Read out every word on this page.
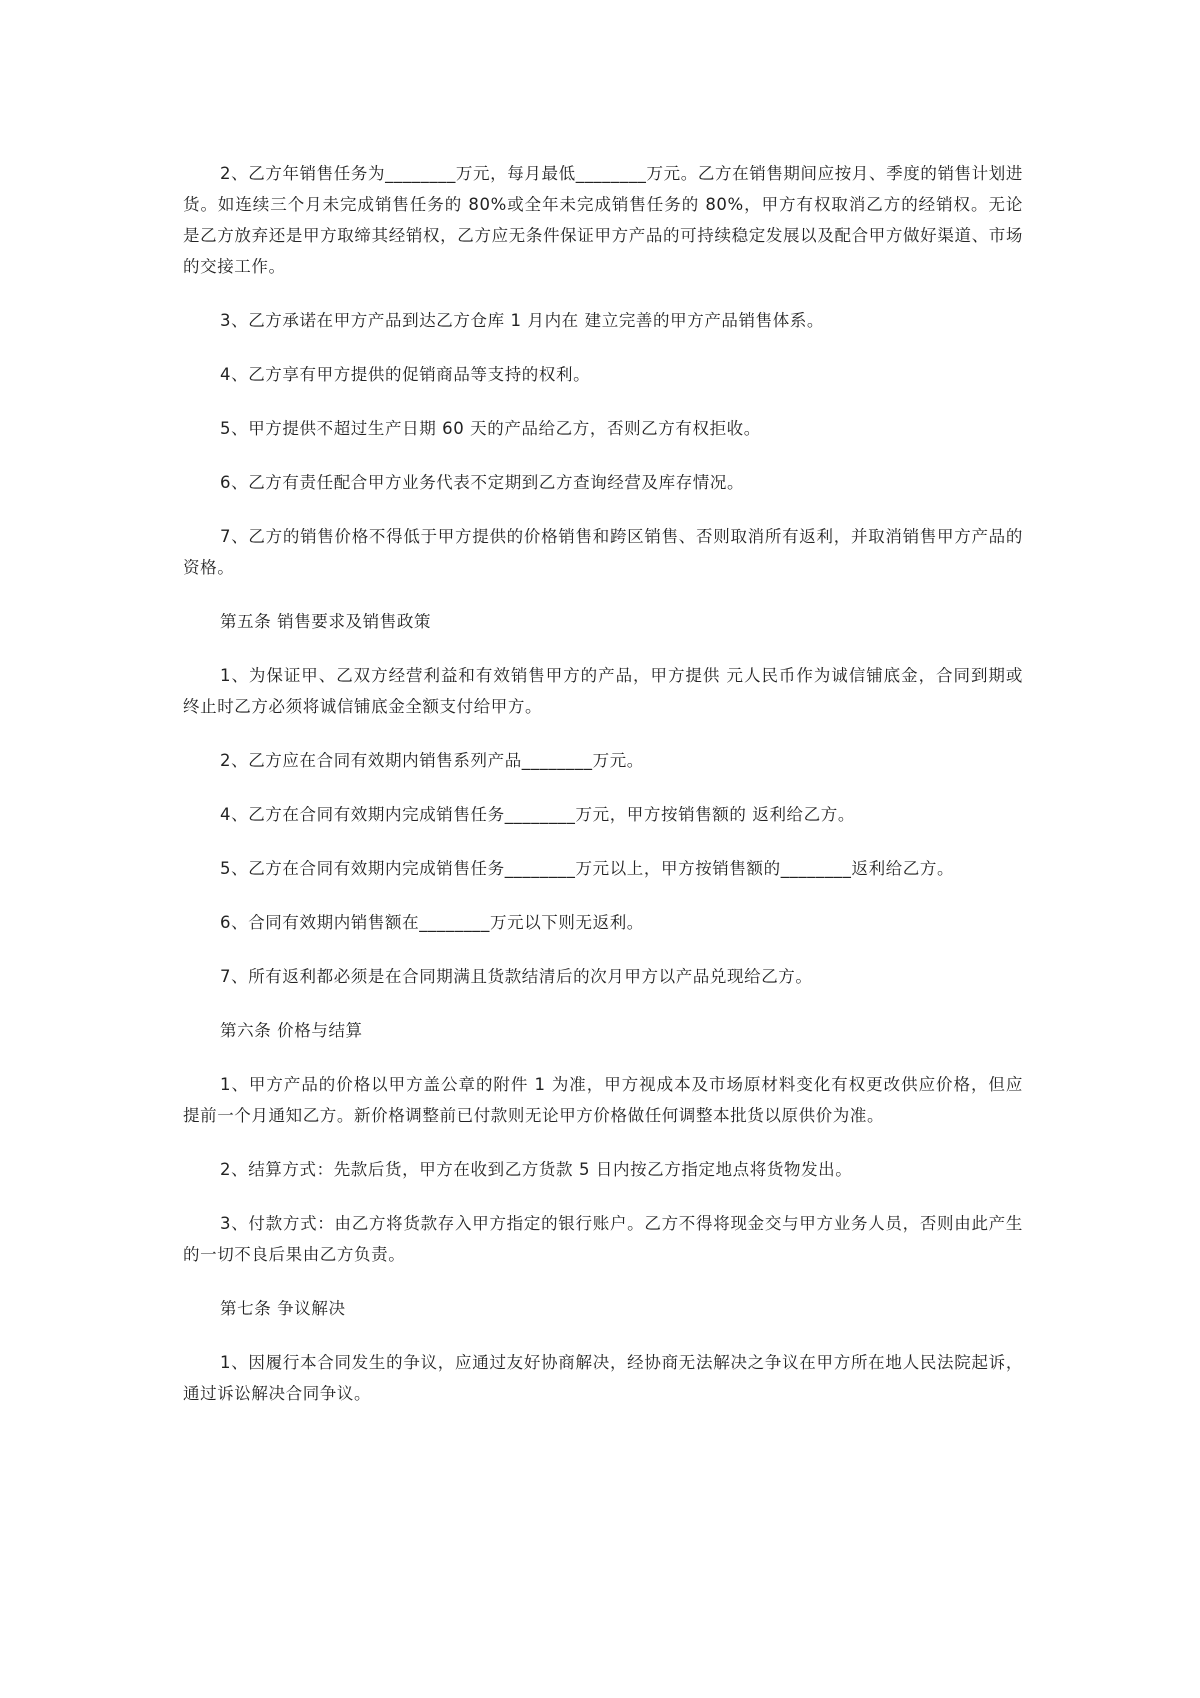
2、乙方年销售任务为________万元，每月最低________万元。乙方在销售期间应按月、季度的销售计划进货。如连续三个月未完成销售任务的 80%或全年未完成销售任务的 80%，甲方有权取消乙方的经销权。无论是乙方放弃还是甲方取缔其经销权，乙方应无条件保证甲方产品的可持续稳定发展以及配合甲方做好渠道、市场的交接工作。

3、乙方承诺在甲方产品到达乙方仓库 1 月内在 建立完善的甲方产品销售体系。

4、乙方享有甲方提供的促销商品等支持的权利。

5、甲方提供不超过生产日期 60 天的产品给乙方，否则乙方有权拒收。

6、乙方有责任配合甲方业务代表不定期到乙方查询经营及库存情况。

7、乙方的销售价格不得低于甲方提供的价格销售和跨区销售、否则取消所有返利，并取消销售甲方产品的资格。

第五条 销售要求及销售政策

1、为保证甲、乙双方经营利益和有效销售甲方的产品，甲方提供 元人民币作为诚信铺底金，合同到期或终止时乙方必须将诚信铺底金全额支付给甲方。

2、乙方应在合同有效期内销售系列产品________万元。

4、乙方在合同有效期内完成销售任务________万元，甲方按销售额的 返利给乙方。

5、乙方在合同有效期内完成销售任务________万元以上，甲方按销售额的________返利给乙方。

6、合同有效期内销售额在________万元以下则无返利。

7、所有返利都必须是在合同期满且货款结清后的次月甲方以产品兑现给乙方。

第六条 价格与结算

1、甲方产品的价格以甲方盖公章的附件 1 为准，甲方视成本及市场原材料变化有权更改供应价格，但应提前一个月通知乙方。新价格调整前已付款则无论甲方价格做任何调整本批货以原供价为准。

2、结算方式：先款后货，甲方在收到乙方货款 5 日内按乙方指定地点将货物发出。

3、付款方式：由乙方将货款存入甲方指定的银行账户。乙方不得将现金交与甲方业务人员，否则由此产生的一切不良后果由乙方负责。

第七条 争议解决

1、因履行本合同发生的争议，应通过友好协商解决，经协商无法解决之争议在甲方所在地人民法院起诉，通过诉讼解决合同争议。
